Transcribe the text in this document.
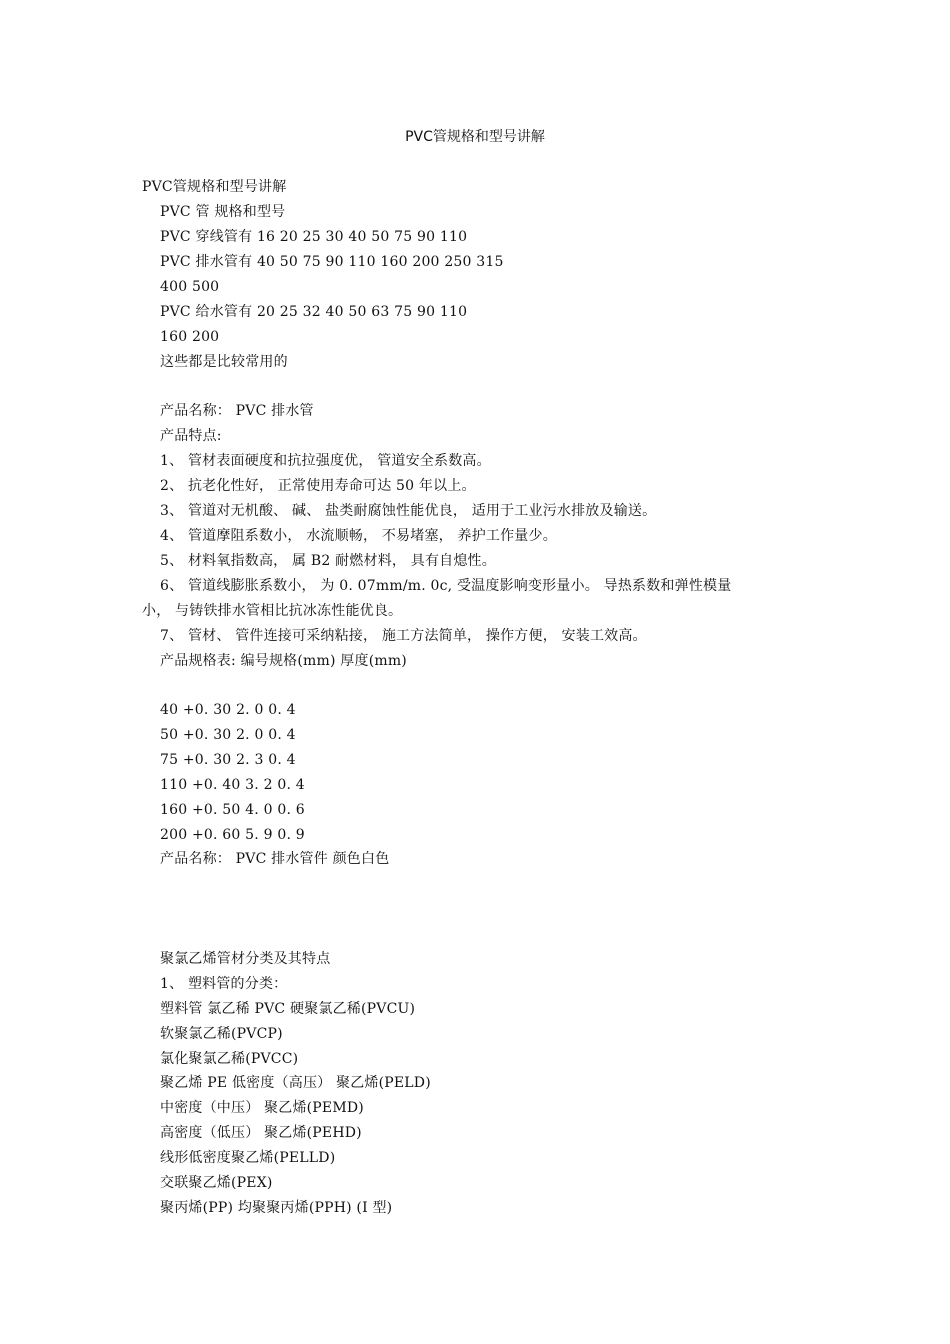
PVC管规格和型号讲解
PVC管规格和型号讲解
PVC 管 规格和型号
PVC 穿线管有 16 20 25 30 40 50 75 90 110
PVC 排水管有 40 50 75 90 110 160 200 250 315
400 500
PVC 给水管有 20 25 32 40 50 63 75 90 110
160 200
这些都是比较常用的
产品名称： PVC 排水管
产品特点:
1、 管材表面硬度和抗拉强度优， 管道安全系数高。
2、 抗老化性好， 正常使用寿命可达 50 年以上。
3、 管道对无机酸、 碱、 盐类耐腐蚀性能优良， 适用于工业污水排放及输送。
4、 管道摩阻系数小， 水流顺畅， 不易堵塞， 养护工作量少。
5、 材料氧指数高， 属 B2 耐燃材料， 具有自熄性。
6、 管道线膨胀系数小， 为 0. 07mm/m. 0c, 受温度影响变形量小。 导热系数和弹性模量
小， 与铸铁排水管相比抗冰冻性能优良。
7、 管材、 管件连接可采纳粘接， 施工方法简单， 操作方便， 安装工效高。
产品规格表: 编号规格(mm) 厚度(mm)
40 +0. 30 2. 0 0. 4
50 +0. 30 2. 0 0. 4
75 +0. 30 2. 3 0. 4
110 +0. 40 3. 2 0. 4
160 +0. 50 4. 0 0. 6
200 +0. 60 5. 9 0. 9
产品名称： PVC 排水管件 颜色白色
聚氯乙烯管材分类及其特点
1、 塑料管的分类：
塑料管 氯乙稀 PVC 硬聚氯乙稀(PVCU)
软聚氯乙稀(PVCP)
氯化聚氯乙稀(PVCC)
聚乙烯 PE 低密度（高压） 聚乙烯(PELD)
中密度（中压） 聚乙烯(PEMD)
高密度（低压） 聚乙烯(PEHD)
线形低密度聚乙烯(PELLD)
交联聚乙烯(PEX)
聚丙烯(PP) 均聚聚丙烯(PPH) (I 型)
